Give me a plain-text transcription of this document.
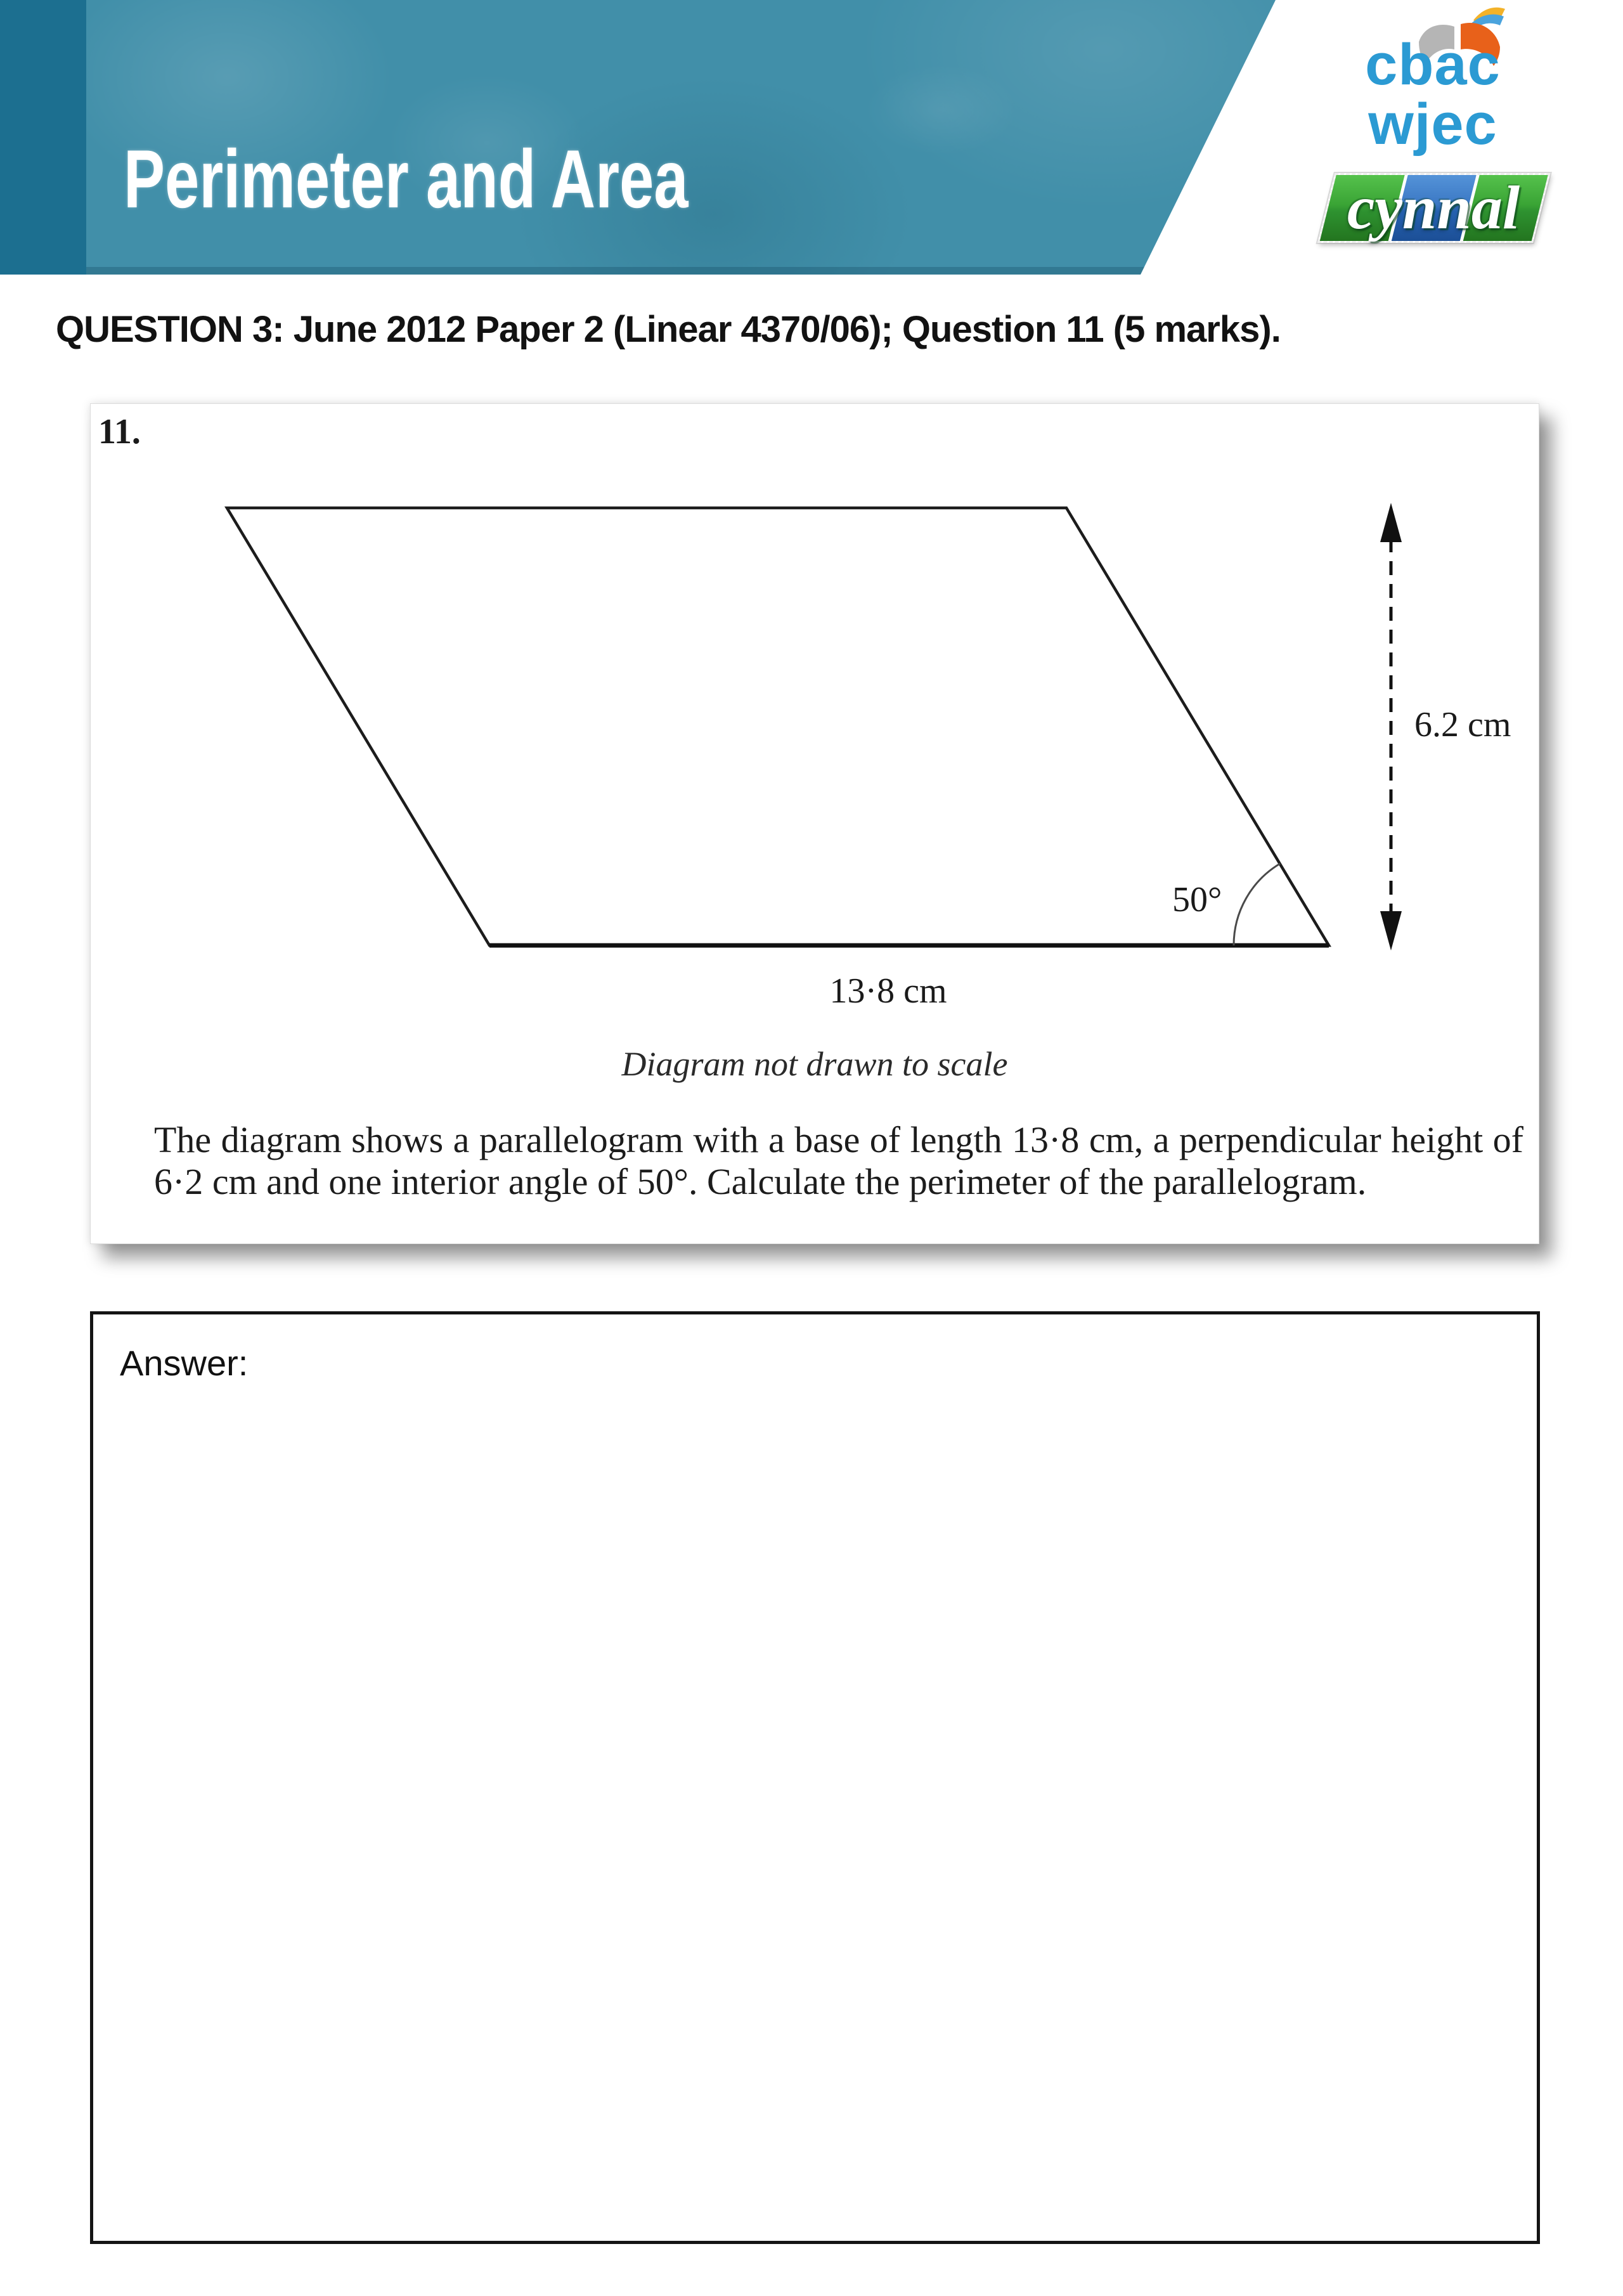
Perimeter and Area
cbac
wjec
cynnal
QUESTION 3: June 2012 Paper 2 (Linear 4370/06); Question 11 (5 marks).
11.
6.2 cm
50°
13·8 cm
Diagram not drawn to scale
The diagram shows a parallelogram with a base of length 13·8 cm, a perpendicular height of
6·2 cm and one interior angle of 50°. Calculate the perimeter of the parallelogram.
Answer:
